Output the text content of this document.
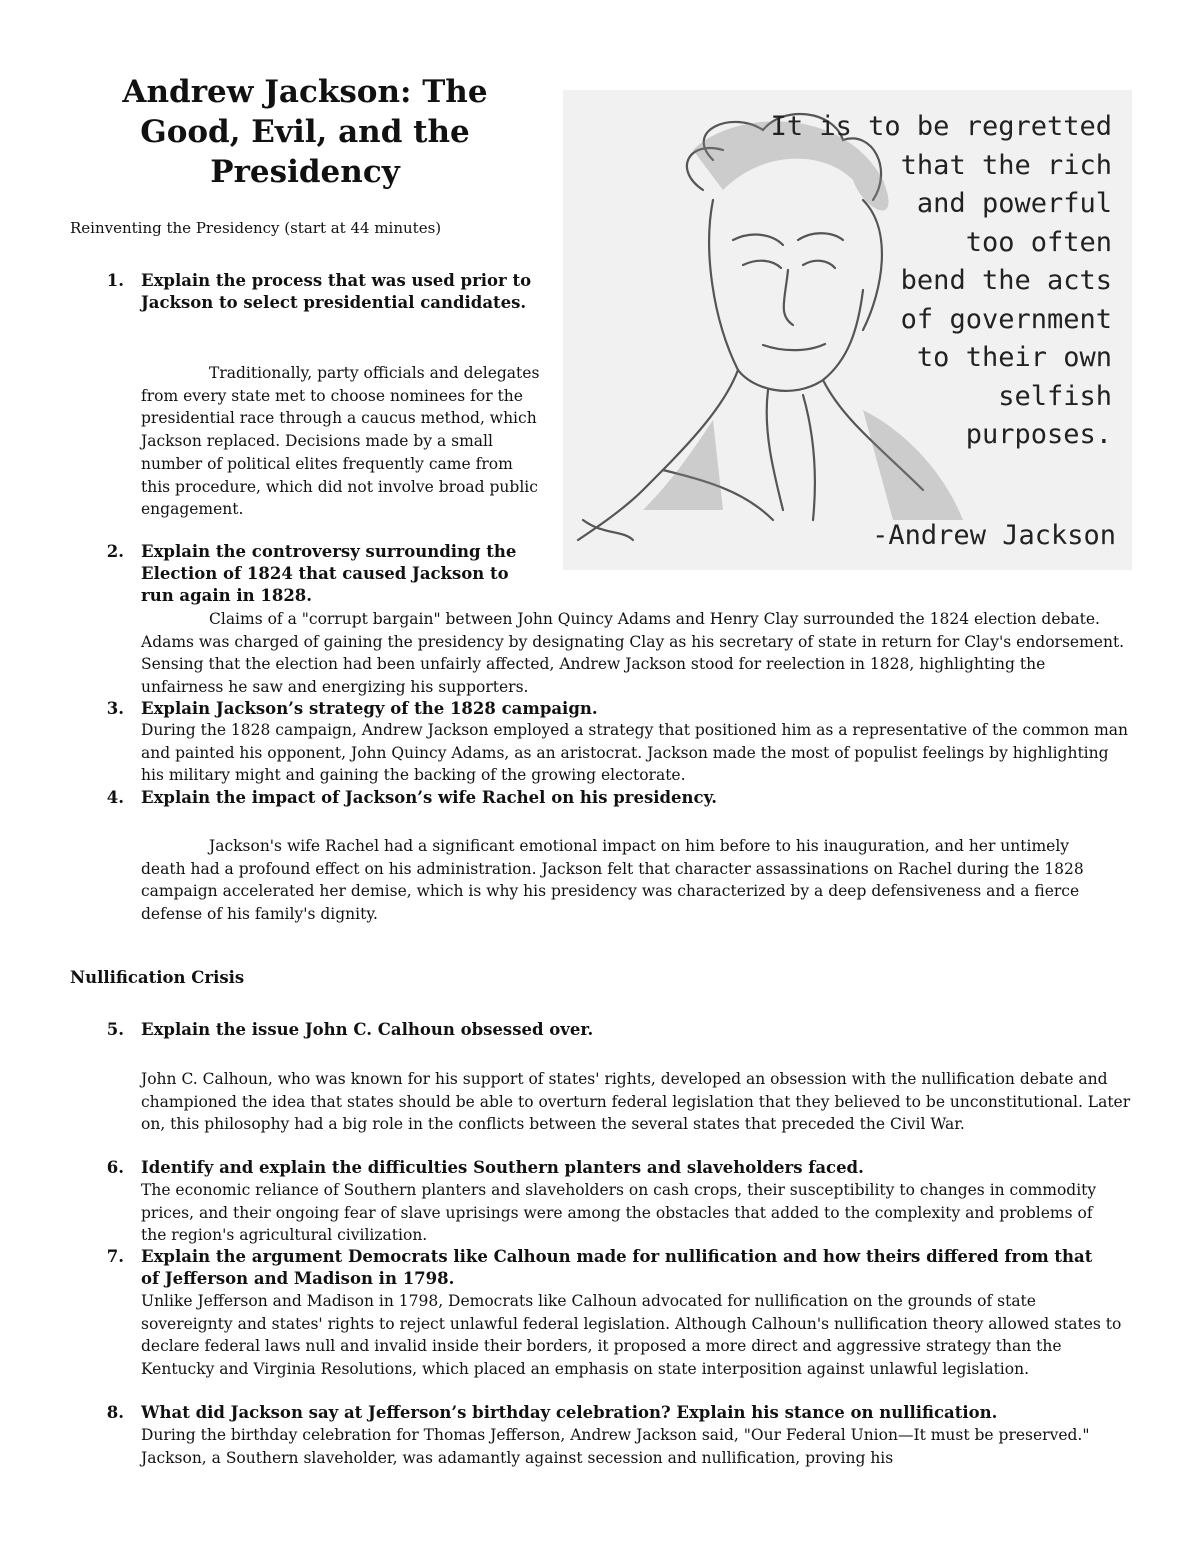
Andrew Jackson: The Good, Evil, and the Presidency

Reinventing the Presidency (start at 44 minutes)

It is to be regretted
that the rich
and powerful
too often
bend the acts
of government
to their own
selfish
purposes.
-Andrew Jackson
1. Explain the process that was used prior to Jackson to select presidential candidates.

Traditionally, party officials and delegates from every state met to choose nominees for the presidential race through a caucus method, which Jackson replaced. Decisions made by a small number of political elites frequently came from this procedure, which did not involve broad public engagement.

2. Explain the controversy surrounding the Election of 1824 that caused Jackson to run again in 1828.

Claims of a "corrupt bargain" between John Quincy Adams and Henry Clay surrounded the 1824 election debate. Adams was charged of gaining the presidency by designating Clay as his secretary of state in return for Clay's endorsement. Sensing that the election had been unfairly affected, Andrew Jackson stood for reelection in 1828, highlighting the unfairness he saw and energizing his supporters.

3. Explain Jackson’s strategy of the 1828 campaign.

During the 1828 campaign, Andrew Jackson employed a strategy that positioned him as a representative of the common man and painted his opponent, John Quincy Adams, as an aristocrat. Jackson made the most of populist feelings by highlighting his military might and gaining the backing of the growing electorate.

4. Explain the impact of Jackson’s wife Rachel on his presidency.

Jackson's wife Rachel had a significant emotional impact on him before to his inauguration, and her untimely death had a profound effect on his administration. Jackson felt that character assassinations on Rachel during the 1828 campaign accelerated her demise, which is why his presidency was characterized by a deep defensiveness and a fierce defense of his family's dignity.

Nullification Crisis

5. Explain the issue John C. Calhoun obsessed over.

John C. Calhoun, who was known for his support of states' rights, developed an obsession with the nullification debate and championed the idea that states should be able to overturn federal legislation that they believed to be unconstitutional. Later on, this philosophy had a big role in the conflicts between the several states that preceded the Civil War.

6. Identify and explain the difficulties Southern planters and slaveholders faced.

The economic reliance of Southern planters and slaveholders on cash crops, their susceptibility to changes in commodity prices, and their ongoing fear of slave uprisings were among the obstacles that added to the complexity and problems of the region's agricultural civilization.

7. Explain the argument Democrats like Calhoun made for nullification and how theirs differed from that of Jefferson and Madison in 1798.

Unlike Jefferson and Madison in 1798, Democrats like Calhoun advocated for nullification on the grounds of state sovereignty and states' rights to reject unlawful federal legislation. Although Calhoun's nullification theory allowed states to declare federal laws null and invalid inside their borders, it proposed a more direct and aggressive strategy than the Kentucky and Virginia Resolutions, which placed an emphasis on state interposition against unlawful legislation.

8. What did Jackson say at Jefferson’s birthday celebration? Explain his stance on nullification.

During the birthday celebration for Thomas Jefferson, Andrew Jackson said, "Our Federal Union—It must be preserved." Jackson, a Southern slaveholder, was adamantly against secession and nullification, proving his
